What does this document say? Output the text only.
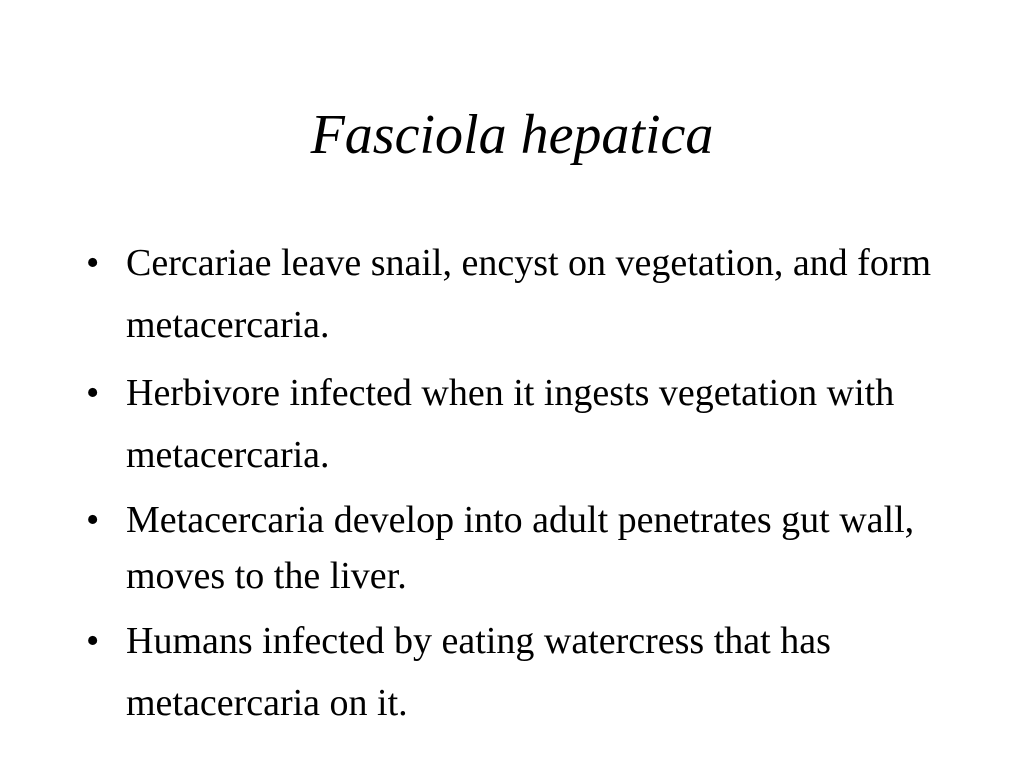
Fasciola hepatica
• Cercariae leave snail, encyst on vegetation, and form metacercaria.
• Herbivore infected when it ingests vegetation with metacercaria.
• Metacercaria develop into adult penetrates gut wall, moves to the liver.
• Humans infected by eating watercress that has metacercaria on it.
